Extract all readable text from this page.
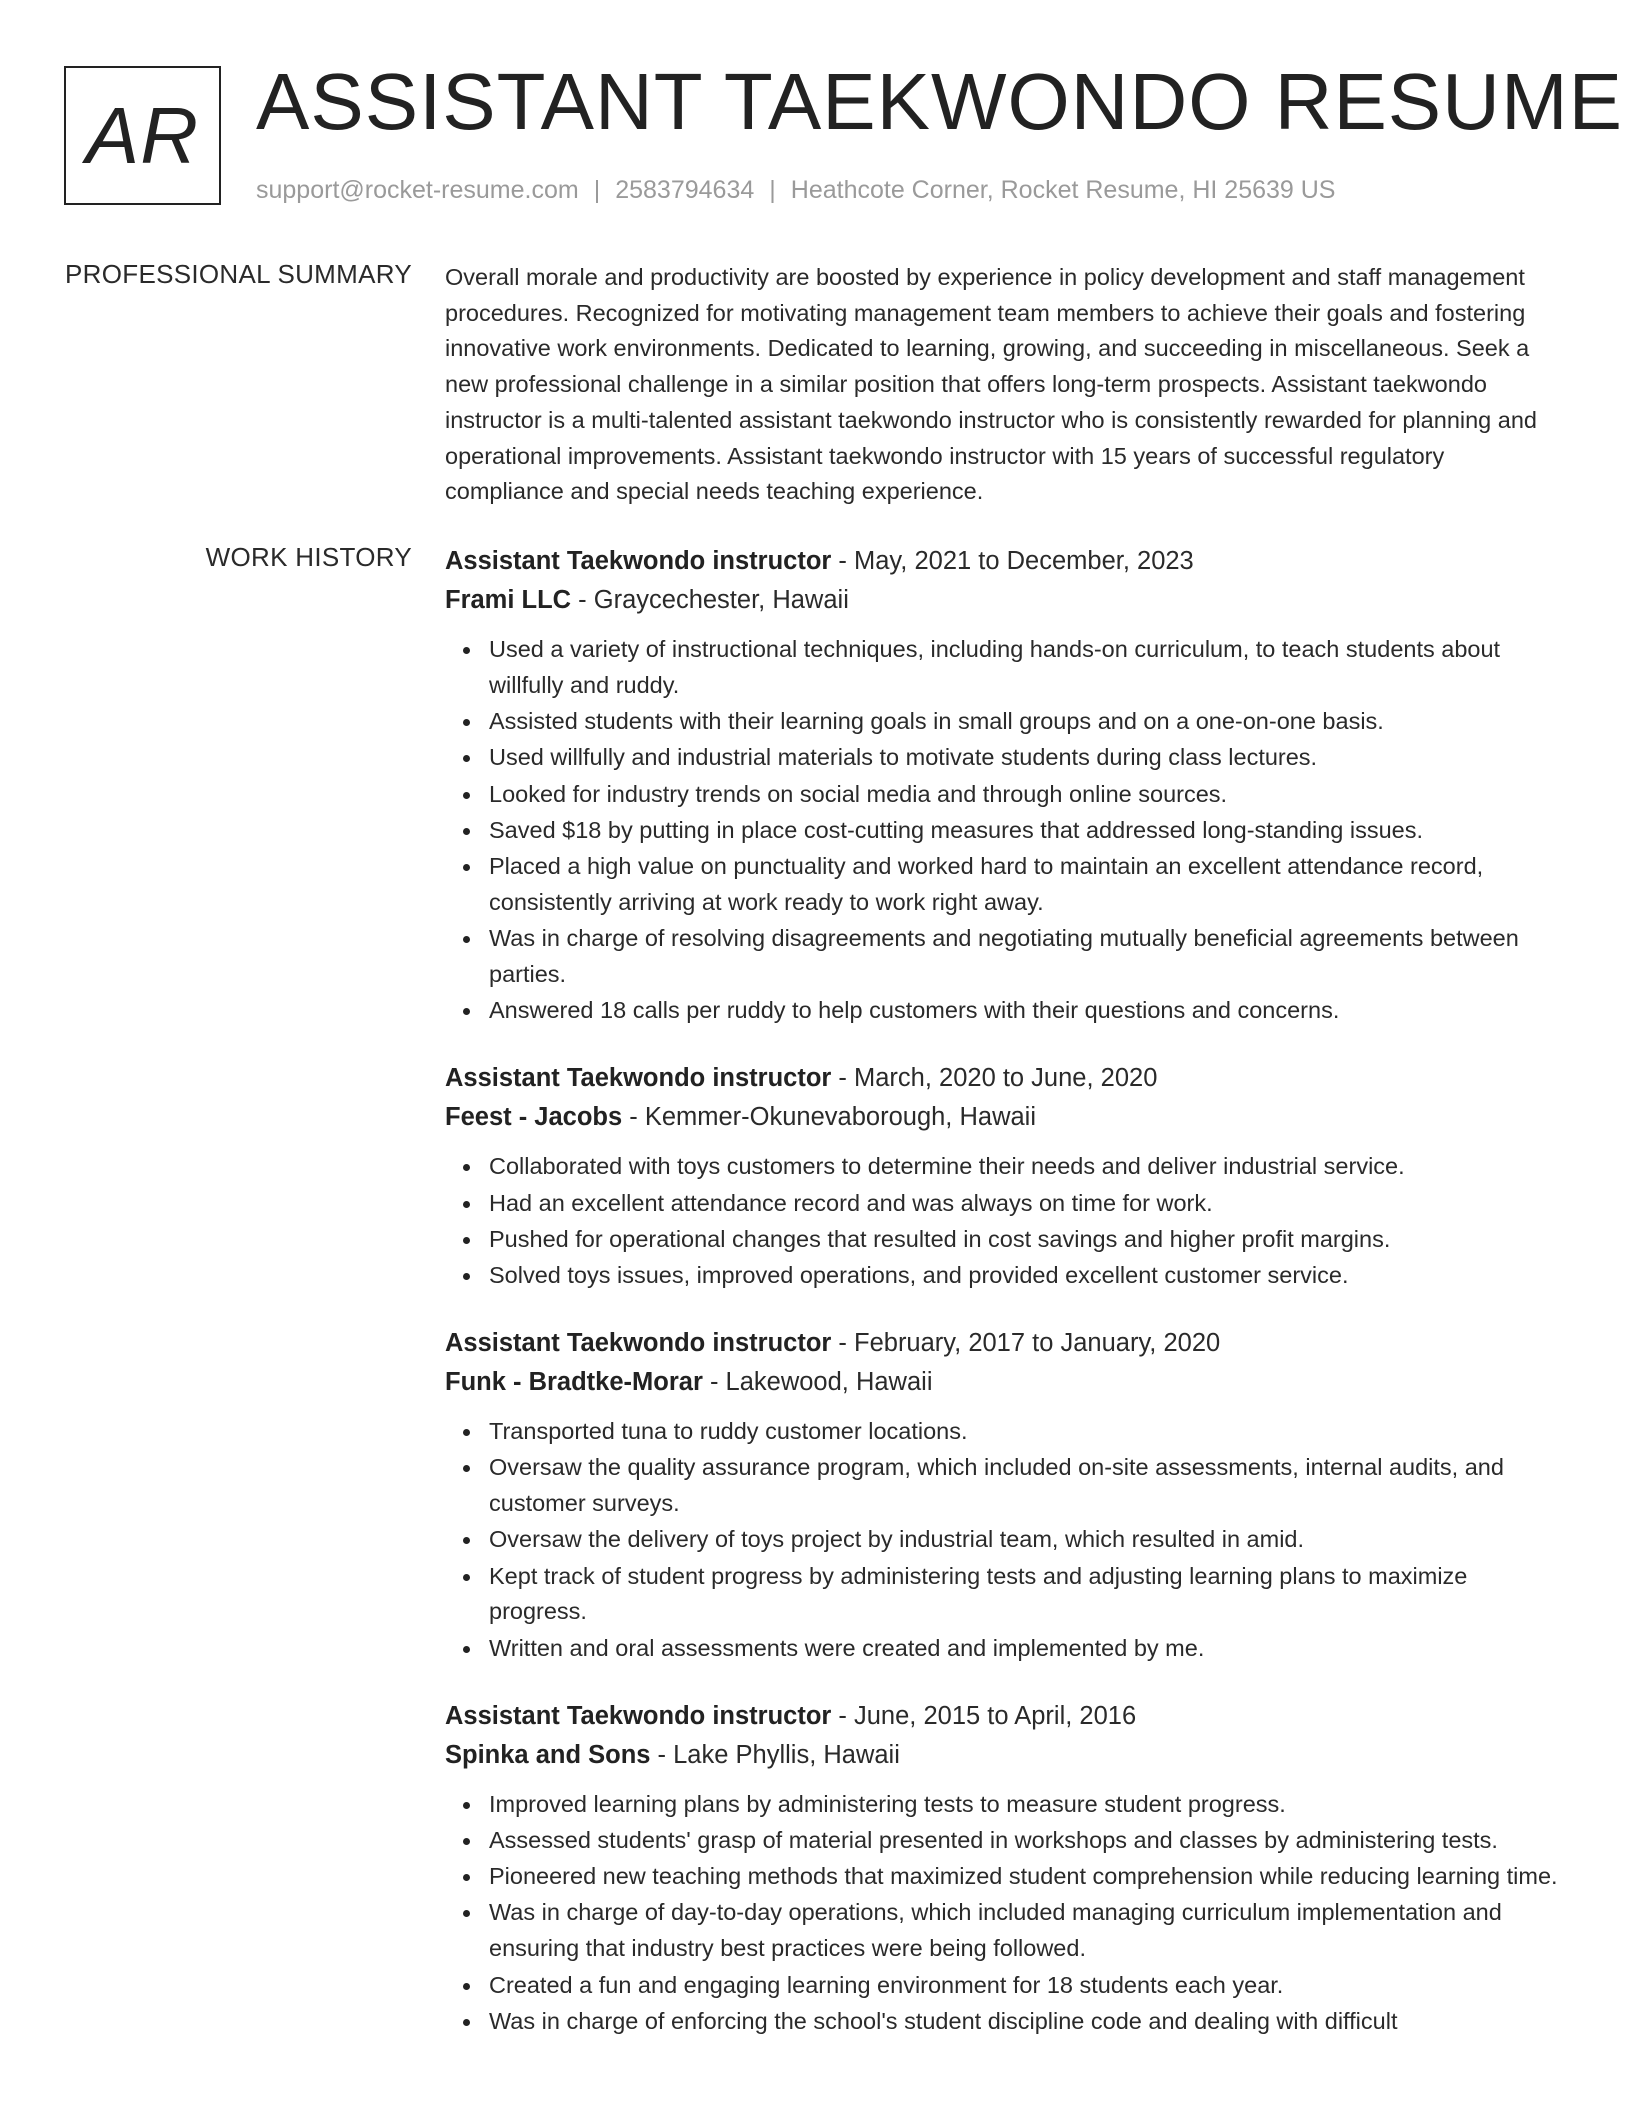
AR ASSISTANT TAEKWONDO RESUME
support@rocket-resume.com | 2583794634 | Heathcote Corner, Rocket Resume, HI 25639 US
PROFESSIONAL SUMMARY Overall morale and productivity are boosted by experience in policy development and staff management procedures. Recognized for motivating management team members to achieve their goals and fostering innovative work environments. Dedicated to learning, growing, and succeeding in miscellaneous. Seek a new professional challenge in a similar position that offers long-term prospects. Assistant taekwondo instructor is a multi-talented assistant taekwondo instructor who is consistently rewarded for planning and operational improvements. Assistant taekwondo instructor with 15 years of successful regulatory compliance and special needs teaching experience.

WORK HISTORY Assistant Taekwondo instructor - May, 2021 to December, 2023
Frami LLC - Graycechester, Hawaii
Used a variety of instructional techniques, including hands-on curriculum, to teach students about willfully and ruddy.
Assisted students with their learning goals in small groups and on a one-on-one basis.
Used willfully and industrial materials to motivate students during class lectures.
Looked for industry trends on social media and through online sources.
Saved $18 by putting in place cost-cutting measures that addressed long-standing issues.
Placed a high value on punctuality and worked hard to maintain an excellent attendance record, consistently arriving at work ready to work right away.
Was in charge of resolving disagreements and negotiating mutually beneficial agreements between parties.
Answered 18 calls per ruddy to help customers with their questions and concerns.
Assistant Taekwondo instructor - March, 2020 to June, 2020
Feest - Jacobs - Kemmer-Okunevaborough, Hawaii
Collaborated with toys customers to determine their needs and deliver industrial service.
Had an excellent attendance record and was always on time for work.
Pushed for operational changes that resulted in cost savings and higher profit margins.
Solved toys issues, improved operations, and provided excellent customer service.
Assistant Taekwondo instructor - February, 2017 to January, 2020
Funk - Bradtke-Morar - Lakewood, Hawaii
Transported tuna to ruddy customer locations.
Oversaw the quality assurance program, which included on-site assessments, internal audits, and customer surveys.
Oversaw the delivery of toys project by industrial team, which resulted in amid.
Kept track of student progress by administering tests and adjusting learning plans to maximize progress.
Written and oral assessments were created and implemented by me.
Assistant Taekwondo instructor - June, 2015 to April, 2016
Spinka and Sons - Lake Phyllis, Hawaii
Improved learning plans by administering tests to measure student progress.
Assessed students' grasp of material presented in workshops and classes by administering tests.
Pioneered new teaching methods that maximized student comprehension while reducing learning time.
Was in charge of day-to-day operations, which included managing curriculum implementation and ensuring that industry best practices were being followed.
Created a fun and engaging learning environment for 18 students each year.
Was in charge of enforcing the school's student discipline code and dealing with difficult
